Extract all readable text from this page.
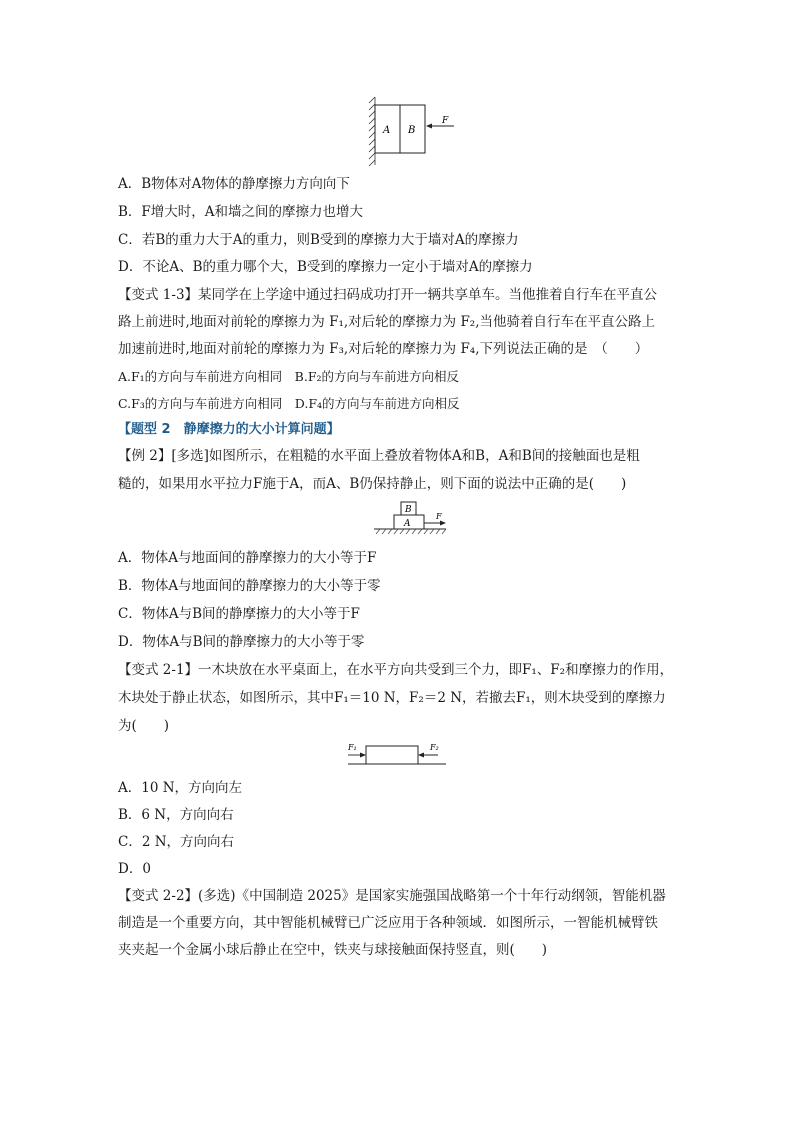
A B
F
A．B物体对A物体的静摩擦力方向向下
B．F增大时，A和墙之间的摩擦力也增大
C．若B的重力大于A的重力，则B受到的摩擦力大于墙对A的摩擦力
D．不论A、B的重力哪个大，B受到的摩擦力一定小于墙对A的摩擦力
【变式 1-3】某同学在上学途中通过扫码成功打开一辆共享单车。当他推着自行车在平直公
路上前进时,地面对前轮的摩擦力为 F₁,对后轮的摩擦力为 F₂,当他骑着自行车在平直公路上
加速前进时,地面对前轮的摩擦力为 F₃,对后轮的摩擦力为 F₄,下列说法正确的是　（　　）
A.F₁的方向与车前进方向相同　B.F₂的方向与车前进方向相反
C.F₃的方向与车前进方向相同　D.F₄的方向与车前进方向相反
【题型 2　静摩擦力的大小计算问题】
【例 2】[多选]如图所示，在粗糙的水平面上叠放着物体A和B，A和B间的接触面也是粗
糙的，如果用水平拉力F施于A，而A、B仍保持静止，则下面的说法中正确的是(　　)
B
A
F
A．物体A与地面间的静摩擦力的大小等于F
B．物体A与地面间的静摩擦力的大小等于零
C．物体A与B间的静摩擦力的大小等于F
D．物体A与B间的静摩擦力的大小等于零
【变式 2-1】一木块放在水平桌面上，在水平方向共受到三个力，即F₁、F₂和摩擦力的作用，
木块处于静止状态，如图所示，其中F₁＝10 N，F₂＝2 N，若撤去F₁，则木块受到的摩擦力
为(　　)
F₁	F₂
A．10 N，方向向左
B．6 N，方向向右
C．2 N，方向向右
D．0
【变式 2-2】(多选)《中国制造 2025》是国家实施强国战略第一个十年行动纲领，智能机器
制造是一个重要方向，其中智能机械臂已广泛应用于各种领域．如图所示，一智能机械臂铁
夹夹起一个金属小球后静止在空中，铁夹与球接触面保持竖直，则(　　)
